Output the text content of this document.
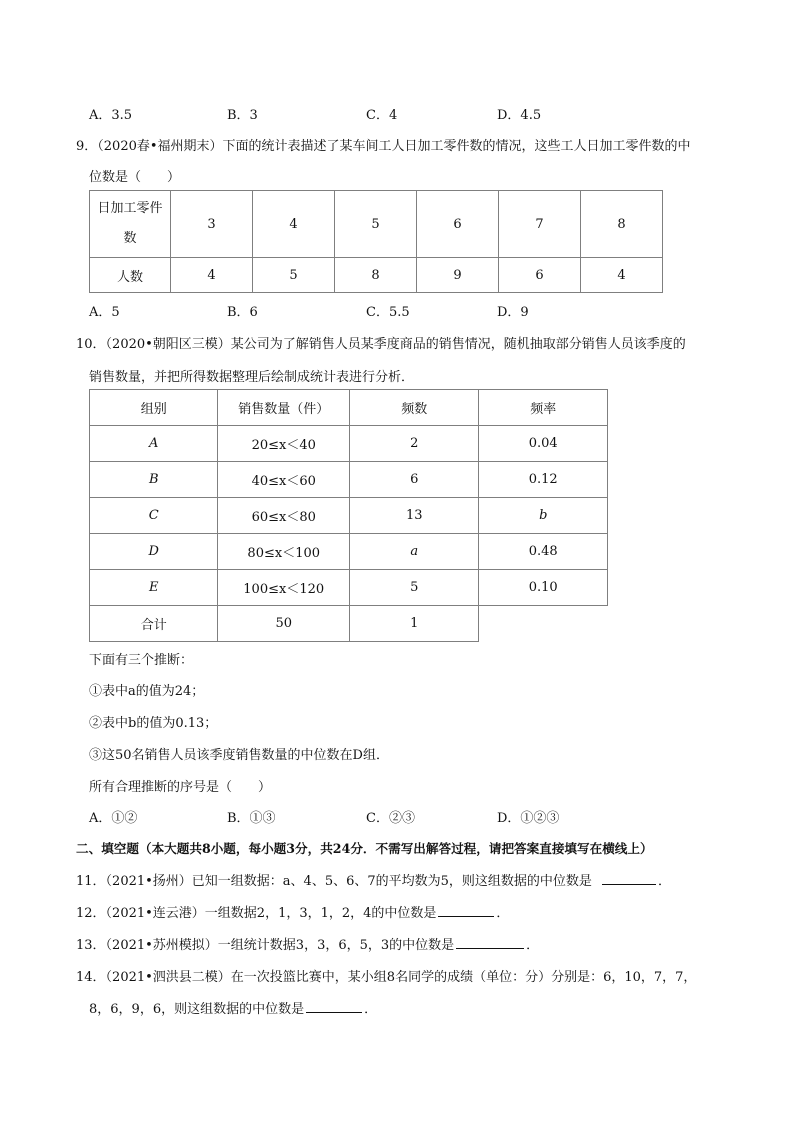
A．3.5	B．3	C．4	D．4.5
9．（2020春•福州期末）下面的统计表描述了某车间工人日加工零件数的情况，这些工人日加工零件数的中
位数是（　　）
日加工零件
数	3	4	5	6	7	8
人数	4	5	8	9	6	4
A．5	B．6	C．5.5	D．9
10．（2020•朝阳区三模）某公司为了解销售人员某季度商品的销售情况，随机抽取部分销售人员该季度的
销售数量，并把所得数据整理后绘制成统计表进行分析．
组别	销售数量（件）	频数	频率
A	20≤x＜40	2	0.04
B	40≤x＜60	6	0.12
C	60≤x＜80	13	b
D	80≤x＜100	a	0.48
E	100≤x＜120	5	0.10
合计	50	1	
下面有三个推断：
①表中a的值为24；
②表中b的值为0.13；
③这50名销售人员该季度销售数量的中位数在D组．
所有合理推断的序号是（　　）
A．①②	B．①③	C．②③	D．①②③
二、填空题（本大题共8小题，每小题3分，共24分．不需写出解答过程，请把答案直接填写在横线上）
11．（2021•扬州）已知一组数据：a、4、5、6、7的平均数为5，则这组数据的中位数是	．
12．（2021•连云港）一组数据2，1，3，1，2，4的中位数是	．
13．（2021•苏州模拟）一组统计数据3，3，6，5，3的中位数是	．
14．（2021•泗洪县二模）在一次投篮比赛中，某小组8名同学的成绩（单位：分）分别是：6，10，7，7，
8，6，9，6，则这组数据的中位数是	．
